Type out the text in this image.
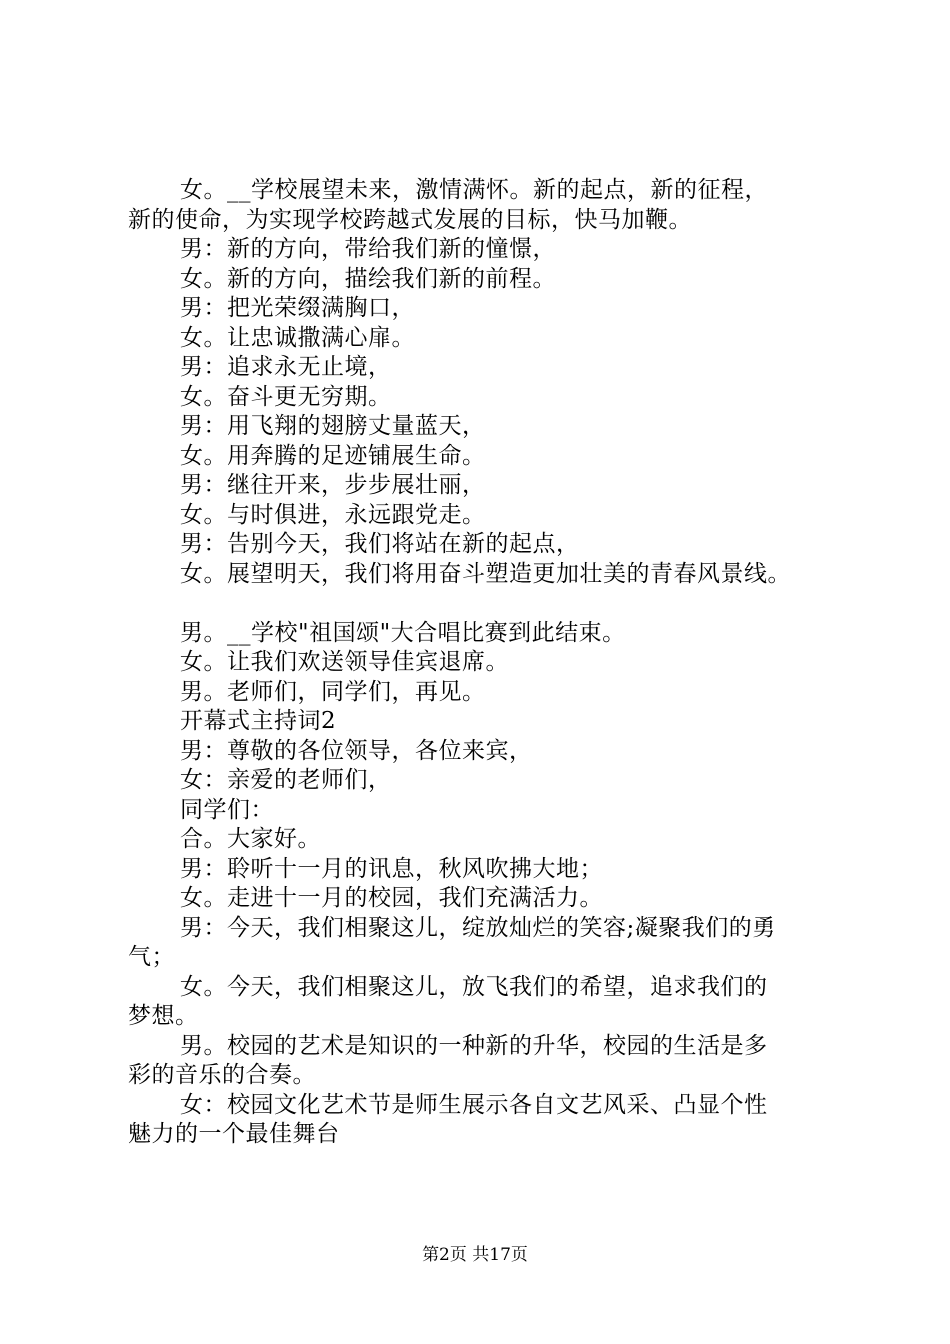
女。__学校展望未来，激情满怀。新的起点，新的征程，
新的使命，为实现学校跨越式发展的目标，快马加鞭。
男：新的方向，带给我们新的憧憬，
女。新的方向，描绘我们新的前程。
男：把光荣缀满胸口，
女。让忠诚撒满心扉。
男：追求永无止境，
女。奋斗更无穷期。
男：用飞翔的翅膀丈量蓝天，
女。用奔腾的足迹铺展生命。
男：继往开来，步步展壮丽，
女。与时俱进，永远跟党走。
男：告别今天，我们将站在新的起点，
女。展望明天，我们将用奋斗塑造更加壮美的青春风景线。
男。__学校"祖国颂"大合唱比赛到此结束。
女。让我们欢送领导佳宾退席。
男。老师们，同学们，再见。
开幕式主持词2
男：尊敬的各位领导，各位来宾，
女：亲爱的老师们，
同学们：
合。大家好。
男：聆听十一月的讯息，秋风吹拂大地；
女。走进十一月的校园，我们充满活力。
男：今天，我们相聚这儿，绽放灿烂的笑容;凝聚我们的勇
气；
女。今天，我们相聚这儿，放飞我们的希望，追求我们的
梦想。
男。校园的艺术是知识的一种新的升华，校园的生活是多
彩的音乐的合奏。
女：校园文化艺术节是师生展示各自文艺风采、凸显个性
魅力的一个最佳舞台
第2页 共17页
